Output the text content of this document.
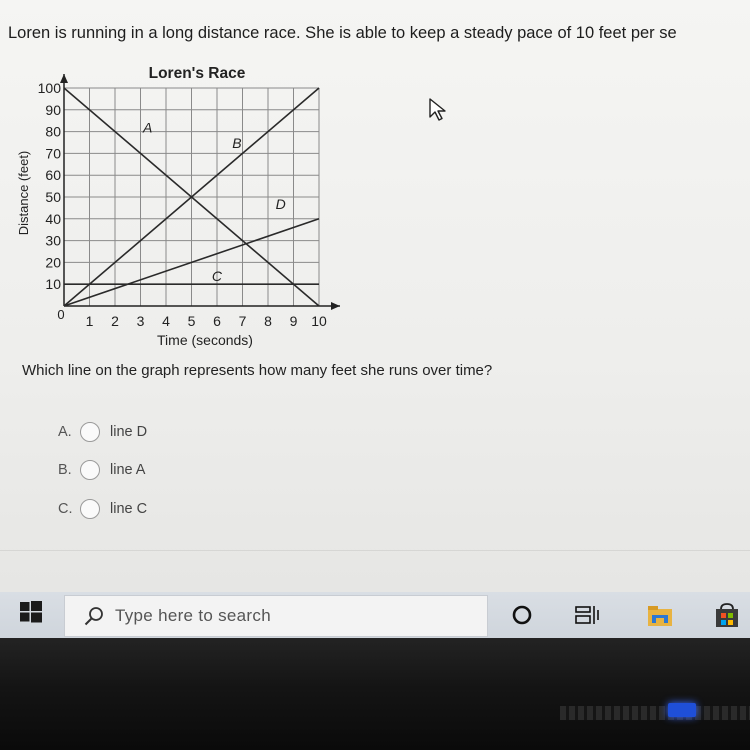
Loren is running in a long distance race. She is able to keep a steady pace of 10 feet per se
Loren's Race
Distance (feet)
Time (seconds)
0 1 2 3 4 5 6 7 8 9 10
10
20
30
40
50
60
70
80
90
100
A
B
C
D
Which line on the graph represents how many feet she runs over time?
A.	line D
B.	line A
C.	line C
Type here to search
